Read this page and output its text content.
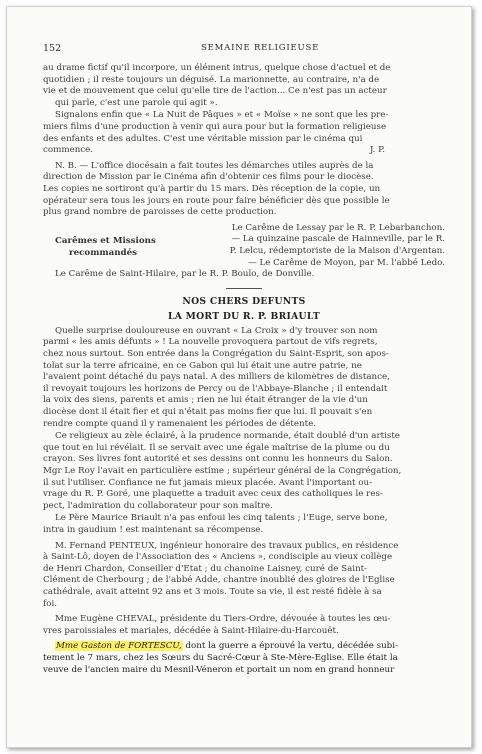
152	SEMAINE RELIGIEUSE
au drame fictif qu'il incorpore, un élément intrus, quelque chose d'actuel et de
quotidien ; il reste toujours un déguisé. La marionnette, au contraire, n'a de
vie et de mouvement que celui qu'elle tire de l'action... Ce n'est pas un acteur
qui parle, c'est une parole qui agit ».
Signalons enfin que « La Nuit de Pâques » et « Moïse » ne sont que les pre-
miers films d'une production à venir qui aura pour but la formation religieuse
des enfants et des adultes. C'est une véritable mission par le cinéma qui
commence.	J. P.
N. B. — L'office diocésain a fait toutes les démarches utiles auprès de la
direction de Mission par le Cinéma afin d'obtenir ces films pour le diocèse.
Les copies ne sortiront qu'à partir du 15 mars. Dès réception de la copie, un
opérateur sera tous les jours en route pour faire bénéficier dès que possible le
plus grand nombre de paroisses de cette production.
Carêmes et Missions
recommandés
Le Carême de Lessay par le R. P. Lebarbanchon.
— La quinzaine pascale de Hainneville, par le R.
P. Lelcu, rédemptoriste de la Maison d'Argentan.
— Le Carême de Moyon, par M. l'abbé Ledo.
Le Carême de Saint-Hilaire, par le R. P. Boulo, de Donville.
NOS CHERS DEFUNTS
LA MORT DU R. P. BRIAULT
Quelle surprise douloureuse en ouvrant « La Croix » d'y trouver son nom
parmi « les amis défunts » ! La nouvelle provoquera partout de vifs regrets,
chez nous surtout. Son entrée dans la Congrégation du Saint-Esprit, son apos-
tolat sur la terre africaine, en ce Gabon qui lui était une autre patrie, ne
l'avaient point détaché du pays natal. A des milliers de kilomètres de distance,
il revoyait toujours les horizons de Percy ou de l'Abbaye-Blanche ; il entendait
la voix des siens, parents et amis ; rien ne lui était étranger de la vie d'un
diocèse dont il était fier et qui n'était pas moins fier que lui. Il pouvait s'en
rendre compte quand il y ramenaient les périodes de détente.
Ce religieux au zèle éclairé, à la prudence normande, était doublé d'un artiste
que tout en lui révélait. Il se servait avec une égale maîtrise de la plume ou du
crayon. Ses livres font autorité et ses dessins ont connu les honneurs du Salon.
Mgr Le Roy l'avait en particulière estime ; supérieur général de la Congrégation,
il sut l'utiliser. Confiance ne fut jamais mieux placée. Avant l'important ou-
vrage du R. P. Goré, une plaquette a traduit avec ceux des catholiques le res-
pect, l'admiration du collaborateur pour son maître.
Le Père Maurice Briault n'a pas enfoui les cinq talents ; l'Euge, serve bone,
intra in gaudium ! est maintenant sa récompense.
M. Fernand PENTEUX, ingénieur honoraire des travaux publics, en résidence
à Saint-Lô, doyen de l'Association des « Anciens », condisciple au vieux collège
de Henri Chardon, Conseiller d'Etat ; du chanoine Laisney, curé de Saint-
Clément de Cherbourg ; de l'abbé Adde, chantre inoublié des gloires de l'Eglise
cathédrale, avait atteint 92 ans et 3 mois. Toute sa vie, il est resté fidèle à sa
foi.
Mme Eugène CHEVAL, présidente du Tiers-Ordre, dévouée à toutes les œu-
vres paroissiales et mariales, décédée à Saint-Hilaire-du-Harcouët.
Mme Gaston de FORTESCU, dont la guerre a éprouvé la vertu, décédée subi-
tement le 7 mars, chez les Sœurs du Sacré-Cœur à Ste-Mère-Eglise. Elle était la
veuve de l'ancien maire du Mesnil-Véneron et portait un nom en grand honneur
